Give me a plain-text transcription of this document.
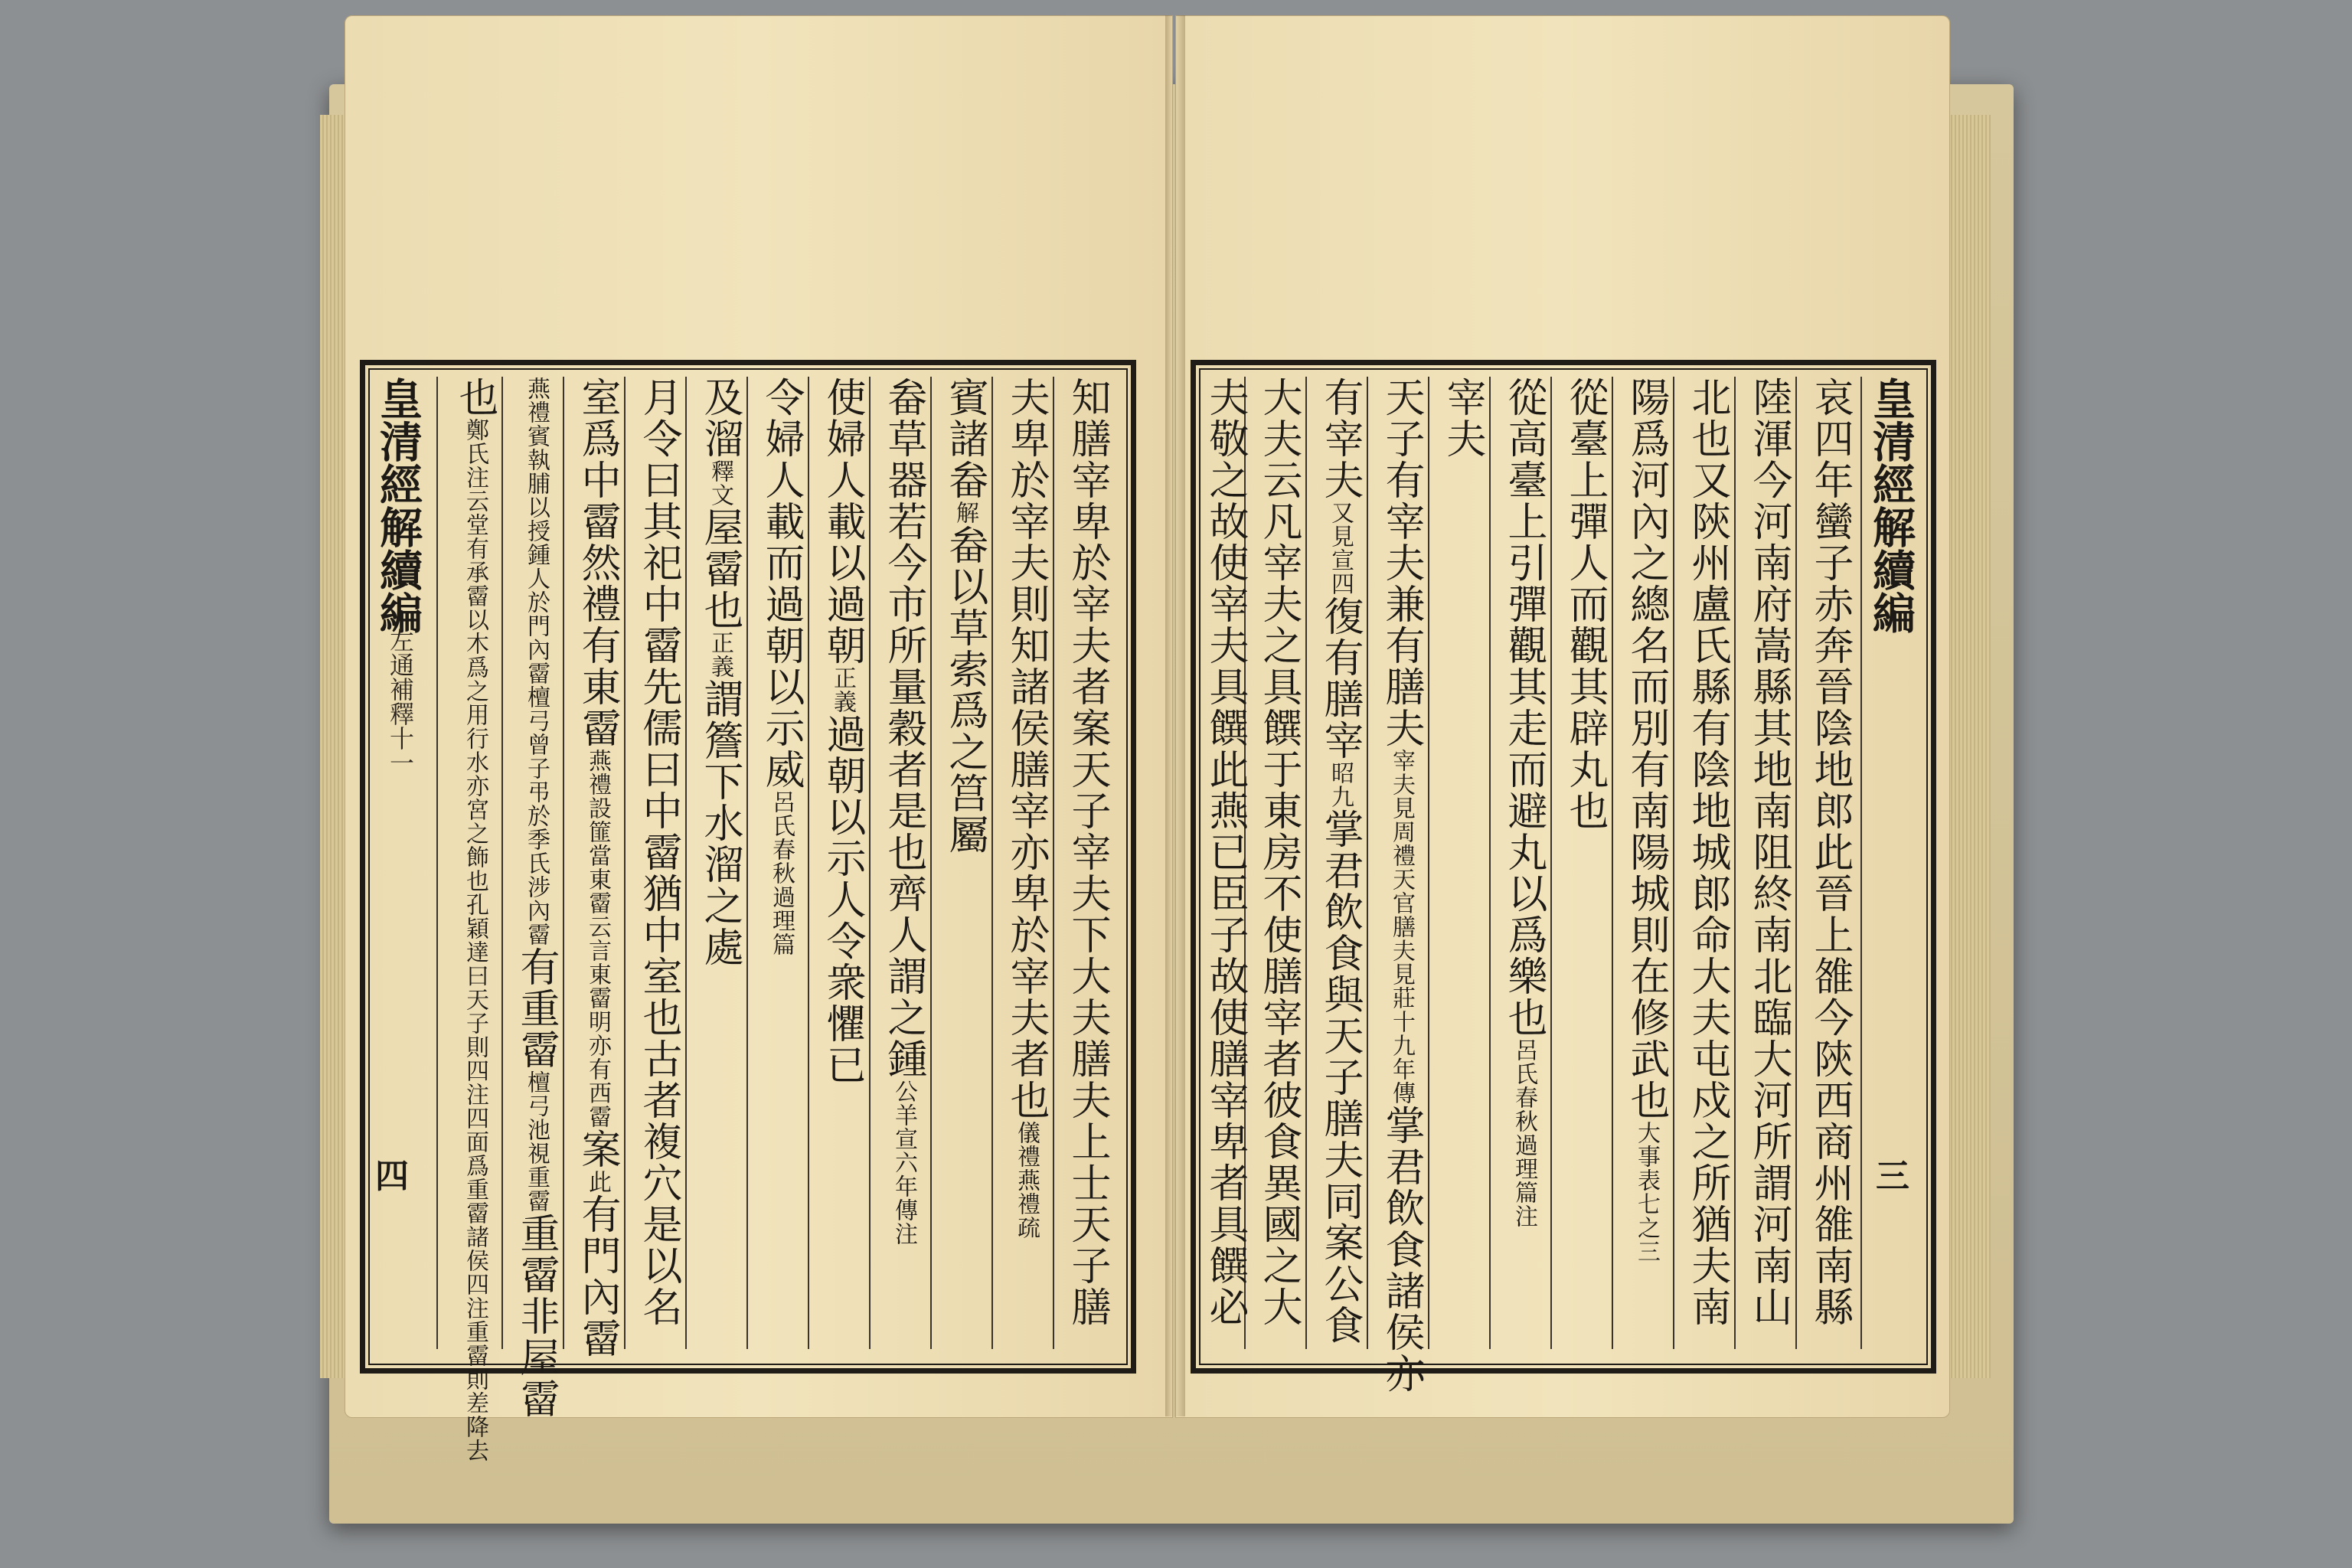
皇清經解續編
左通補釋十一
四	知膳宰卑於宰夫者案天子宰夫下大夫膳夫上士天子膳
夫卑於宰夫則知諸侯膳宰亦卑於宰夫者也儀禮燕禮疏
賓諸畚解畚以草索爲之筥屬
畚草器若今市所量穀者是也齊人謂之鍾公羊宣六年傳注
使婦人載以過朝正義過朝以示人令衆懼已
令婦人載而過朝以示威呂氏春秋過理篇
及溜釋文屋霤也正義謂簷下水溜之處
月令曰其祀中霤先儒曰中霤猶中室也古者複穴是以名
室爲中霤然禮有東霤燕禮設篚當東霤云言東霤明亦有西霤案此有門內霤
燕禮賓執脯以授鍾人於門內霤檀弓曾子弔於季氏涉內霤有重霤檀弓池視重霤重霤非屋霤
也鄭氏注云堂有承霤以木爲之用行水亦宮之飾也孔穎達曰天子則四注四面爲重霤諸侯四注重霤則差降去	皇清經解續編
三
哀四年蠻子赤奔晉陰地郎此晉上雒今陝西商州雒南縣
陸渾今河南府嵩縣其地南阻終南北臨大河所謂河南山
北也又陝州盧氏縣有陰地城郎命大夫屯戍之所猶夫南
陽爲河內之總名而別有南陽城則在修武也大事表七之三
從臺上彈人而觀其辟丸也
從高臺上引彈觀其走而避丸以爲樂也呂氏春秋過理篇注
宰夫
天子有宰夫兼有膳夫宰夫見周禮天官膳夫見莊十九年傳掌君飲食諸侯亦
有宰夫又見宣四復有膳宰昭九掌君飲食與天子膳夫同案公食
大夫云凡宰夫之具饌于東房不使膳宰者彼食異國之大
夫敬之故使宰夫具饌此燕已臣子故使膳宰卑者具饌必
